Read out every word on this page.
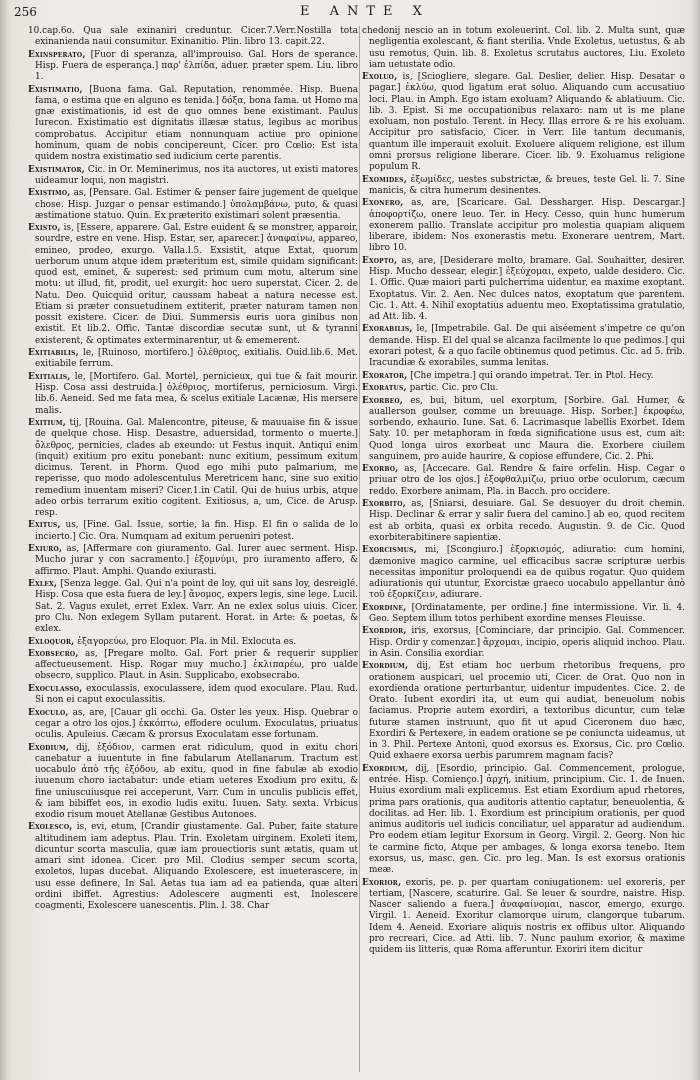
256	E ANTE X

10.cap.6o. Qua sale exinaniri creduntur. Cicer.7.Verr.Nostilla tota exinanienda naui consumitur. Exinanitio. Plin. libro 13. capit.22.

Exinsperato, [Fuor di speranza, all'improuiso. Gal. Hors de sperance. Hisp. Fuera de esperança.] παρ' ἐλπίδα, aduer. præter spem. Liu. libro 1.

Existimatio, [Buona fama. Gal. Reputation, renommée. Hisp. Buena fama, o estima que en alguno es tenida.] δόξα, bona fama. ut Homo ma gnæ existimationis, id est de quo omnes bene existimant. Paulus Iurecon. Existimatio est dignitatis illæsæ status, legibus ac moribus comprobatus. Accipitur etiam nonnunquam actiue pro opinione hominum, quam de nobis concipereunt, Cicer. pro Cœlio: Est ista quidem nostra existimatio sed iudicium certe parentis.

Existimator, Cic. in Or. Meminerimus, nos ita auctores, ut existi matores uideamur loqui, non magistri.

Existimo, as, [Pensare. Gal. Estimer & penser faire jugement de quelque chose. Hisp. Juzgar o pensar estimando.] ὑπολαμβάνω, puto, & quasi æstimatione statuo. Quin. Ex præterito existimari solent præsentia.

Existo, is, [Essere, apparere. Gal. Estre euident & se monstrer, apparoir, sourdre, estre en vene. Hisp. Estar, ser, aparecer.] ἀναφαίνω, appareo, emineo, prodeo, exurgo. Valla.l.5. Exsistit, atque Extat, quorum uerborum unum atque idem præteritum est, simile quidam significant: quod est, eminet, & superest: sed primum cum motu, alterum sine motu: ut illud, fit, prodit, uel exurgit: hoc uero superstat. Cicer. 2. de Natu. Deo. Quicquid oritur, caussam habeat a natura necesse est. Etiam si præter consuetudinem extiterit, præter naturam tamen non possit existere. Cicer. de Diui. Summersis euris uora ginibus non existit. Et lib.2. Offic. Tantæ discordiæ secutæ sunt, ut & tyranni existerent, & optimates exterminarentur, ut & ememerent.

Exitiabilis, le, [Ruinoso, mortifero.] ὀλέθριος, exitialis. Ouid.lib.6. Met. exitiabile ferrum.

Exitialis, le, [Mortifero. Gal. Mortel, pernicieux, qui tue & fait mourir. Hisp. Cosa assi destruida.] ὀλέθριος, mortiferus, perniciosum. Virgi. lib.6. Aeneid. Sed me fata mea, & scelus exitiale Lacænæ, His mersere malis.

Exitium, tij, [Rouina. Gal. Malencontre, piteuse, & mauuaise fin & issue de quelque chose. Hisp. Desastre, aduersidad, tormento o muerte.] ὄλεθρος, pernicies, clades ab exeundo: ut Festus inquit. Antiqui enim (inquit) exitium pro exitu ponebant: nunc exitium, pessimum exitum dicimus. Terent. in Phorm. Quod ego mihi puto palmarium, me reperisse, quo modo adolescentulus Meretricem hanc, sine suo exitio remedium inuentam miseri? Cicer.1.in Catil. Qui de huius urbis, atque adeo orbis terrarum exitio cogitent. Exitiosus, a, um, Cice. de Arusp. resp.

Exitus, us, [Fine. Gal. Issue, sortie, la fin. Hisp. El fin o salida de lo incierto.] Cic. Ora. Numquam ad exitum perueniri potest.

Exiuro, as, [Affermare con giuramento. Gal. Iurer auec serment. Hisp. Mucho jurar y con sacramento.] ἐξομνύμι, pro iuramento affero, & affirmo. Plaut. Amphi. Quando exiurasti.

Exlex, [Senza legge. Gal. Qui n'a point de loy, qui uit sans loy, desreiglé. Hisp. Cosa que esta fuera de ley.] ἄνομος, expers legis, sine lege. Lucil. Sat. 2. Vagus exulet, erret Exlex. Varr. An ne exlex solus uiuis. Cicer. pro Clu. Non exlegem Syllam putarent. Horat. in Arte: & poetas, & exlex.

Exloquor, ἐξαγορεύω, pro Eloquor. Pla. in Mil. Exlocuta es.

Exobsecro, as, [Pregare molto. Gal. Fort prier & requerir supplier affectueusement. Hisp. Rogar muy mucho.] ἐκλιπαρέω, pro ualde obsecro, supplico. Plaut. in Asin. Supplicabo, exobsecrabo.

Exoculasso, exoculassis, exoculassere, idem quod exoculare. Plau. Rud. Si non ei caput exoculassitis.

Exoculo, as, are, [Cauar gli occhi. Ga. Oster les yeux. Hisp. Quebrar o cegar a otro los ojos.] ἐκκόπτω, effodere oculum. Exoculatus, priuatus oculis. Apuleius. Cæcam & prorsus Exoculatam esse fortunam.

Exodium, dij, ἐξόδιον, carmen erat ridiculum, quod in exitu chori canebatur a iuuentute in fine fabularum Atellanarum. Tractum est uocabulo ἀπὸ τῆς ἐξόδου, ab exitu, quod in fine fabulæ ab exodio iuuenum choro iactabatur: unde etiam ueteres Exodium pro exitu, & fine uniuscuiusque rei acceperunt, Varr. Cum in unculis publicis effet, & iam bibiffet eos, in exodio ludis exitu. Iuuen. Saty. sexta. Vrbicus exodio risum mouet Atellanæ Gestibus Autonoes.

Exolesco, is, evi, etum, [Crandir giustamente. Gal. Puber, faite stature altitudinem iam adeptus. Plau. Trin. Exoletam uirginem. Exoleti item, dicuntur scorta masculia, quæ iam prouectioris sunt ætatis, quam ut amari sint idonea. Cicer. pro Mil. Clodius semper secum scorta, exoletos, lupas ducebat. Aliquando Exolescere, est inueterascere, in usu esse definere, In Sal. Aetas tua iam ad ea patienda, quæ alteri ordini ibiffet. Agrestius: Adolescere augmenti est, Inolescere coagmenti, Exolescere uanescentis. Plin. l. 38. Char

chedonij nescio an in totum exoleuerint. Col. lib. 2. Multa sunt, quæ negligentia exolescant, & fiant sterilia. Vnde Exoletus, uetustus, & ab usu remotus, Quin. lib. 8. Exoletus scrutatus auctores, Liu. Exoleto iam uetustate odio.

Exoluo, is, [Sciogliere, slegare. Gal. Deslier, delier. Hisp. Desatar o pagar.] ἐκλύω, quod ligatum erat soluo. Aliquando cum accusatiuo loci. Plau. in Amph. Ego istam exoluam? Aliquando & ablatiuum. Cic. lib. 3. Epist. Si me occupationibus relaxaro: nam ut is me plane exoluam, non postulo. Terent. in Hecy. Illas errore & re his exoluam. Accipitur pro satisfacio, Cicer. in Verr. Iile tantum decumanis, quantum ille imperauit exoluit. Exoluere aliquem religione, est illum omni prorsus religione liberare. Cicer. lib. 9. Exoluamus religione populum R.

Exomides, ἐξωμίδες, uestes substrictæ, & breues, teste Gel. li. 7. Sine manicis, & citra humerum desinentes.

Exonero, as, are, [Scaricare. Gal. Dessharger. Hisp. Descargar.] ἀποφορτίζω, onere leuo. Ter. in Hecy. Cesso, quin hunc humerum exonerem pallio. Translate accipitur pro molestia quapiam aliquem liberare, ibidem: Nos exonerastis metu. Exonerare uentrem, Mart. libro 10.

Exopto, as, are, [Desiderare molto, bramare. Gal. Souhaitter, desirer. Hisp. Mucho dessear, elegir.] ἐξεύχομαι, expeto, ualde desidero. Cic. 1. Offic. Quæ maiori parti pulcherrima uidentur, ea maxime exoptant. Exoptatus. Vir. 2. Aen. Nec dulces natos, exoptatum que parentem. Cic. 1. Att. 4. Nihil exoptatius aduentu meo. Exoptatissima gratulatio, ad Att. lib. 4.

Exorabilis, le, [Impetrabile. Gal. De qui aiséement s'impetre ce qu'on demande. Hisp. El del qual se alcanza facilmente lo que pedimos.] qui exorari potest, & a quo facile obtinemus quod petimus. Cic. ad 5. frib. Iracundiæ & exorabiles, summa lenitas.

Exorator, [Che impetra.] qui orando impetrat. Ter. in Ptol. Hecy.

Exoratus, partic. Cic. pro Clu.

Exorbeo, es, bui, bitum, uel exorptum, [Sorbire. Gal. Humer, & auallerson goulser, comme un breuuage. Hisp. Sorber.] ἐκροφέω, sorbendo, exhaurio. Iune. Sat. 6. Lacrimasque labellis Exorbet. Idem Saty. 10. per metaphoram in fœda significatione usus est, cum ait: Quod longa uiros exorbeat unc Maura die. Exorbere ciuilem sanguinem, pro auide haurire, & copiose effundere, Cic. 2. Phi.

Exorbo, as, [Accecare. Gal. Rendre & faire orfelin. Hisp. Cegar o priuar otro de los ojos.] ἐξοφθαλμίζω, priuo orbe oculorum, cæcum reddo. Exorbere animam, Pla. in Bacch. pro occidere.

Exorbito, as, [Sniarsi, desuiare. Gal. Se desuoyer du droit chemin. Hisp. Declinar & errar y salir fuera del camino.] ab eo, quod recitem est ab orbita, quasi ex orbita recedo. Augustin. 9. de Cic. Quod exorbiterabitinere sapientiæ.

Exorcismus, mi, [Scongiuro.] ἐξορκισμός, adiuratio: cum homini, dæmonive magico carmine, uel efficacibus sacræ scripturæ uerbis necessitas imponitur proloquendi ea de quibus rogatur. Quo quidem adiurationis qui utuntur, Exorcistæ graeco uocabulo appellantur ἀπὸ τοῦ ἐξορκίζειν, adiurare.

Exordine, [Ordinatamente, per ordine.] fine intermissione. Vir. li. 4. Geo. Septem illum totos perhibent exordine menses Fleuisse.

Exordior, iris, exorsus, [Cominciare, dar principio. Gal. Commencer. Hisp. Ordir y comenzar.] ἄρχομαι, incipio, operis aliquid inchoo. Plau. in Asin. Consilia exordiar.

Exordium, dij, Est etiam hoc uerbum rhetoribus frequens, pro orationem auspicari, uel procemio uti, Cicer. de Orat. Quo non in exordienda oratione perturbantur, uidentur impudentes. Cice. 2. de Orato. Iubent exordiri ita, ut eum qui audiat, beneuolum nobis faciamus. Proprie autem exordiri, a textoribus dicuntur, cum telæ futuræ stamen instruunt, quo fit ut apud Ciceronem duo hæc, Exordiri & Pertexere, in eadem oratione se pe coniuncta uideamus, ut in 3. Phil. Pertexe Antoni, quod exorsus es. Exorsus, Cic. pro Cœlio. Quid exhaere exorsa uerbis parumrem magnam facis?

Exordium, dij, [Esordio, principio. Gal. Commencement, prologue, entrée. Hisp. Comienço.] ἀρχή, initium, principium. Cic. 1. de Inuen. Huius exordium mali explicemus. Est etiam Exordium apud rhetores, prima pars orationis, qua auditoris attentio captatur, beneuolentia, & docilitas. ad Her. lib. 1. Exordium est principium orationis, per quod animus auditoris uel iudicis conciliatur, uel apparatur ad audiendum. Pro eodem etiam legitur Exorsum in Georg. Virgil. 2. Georg. Non hic te carmine ficto, Atque per ambages, & longa exorsa tenebo. Item exorsus, us, masc. gen. Cic. pro leg. Man. Is est exorsus orationis meæ.

Exorior, exoris, pe. p. per quartam coniugationem: uel exoreris, per tertiam, [Nascere, scaturire. Gal. Se leuer & sourdre, naistre. Hisp. Nascer saliendo a fuera.] ἀναφαίνομαι, nascor, emergo, exurgo. Virgil. 1. Aeneid. Exoritur clamorque uirum, clangorque tubarum. Idem 4. Aeneid. Exoriare aliquis nostris ex offibus ultor. Aliquando pro recreari, Cice. ad Atti. lib. 7. Nunc paulum exorior, & maxime quidem iis litteris, quæ Roma afferuntur. Exoriri item dicitur
